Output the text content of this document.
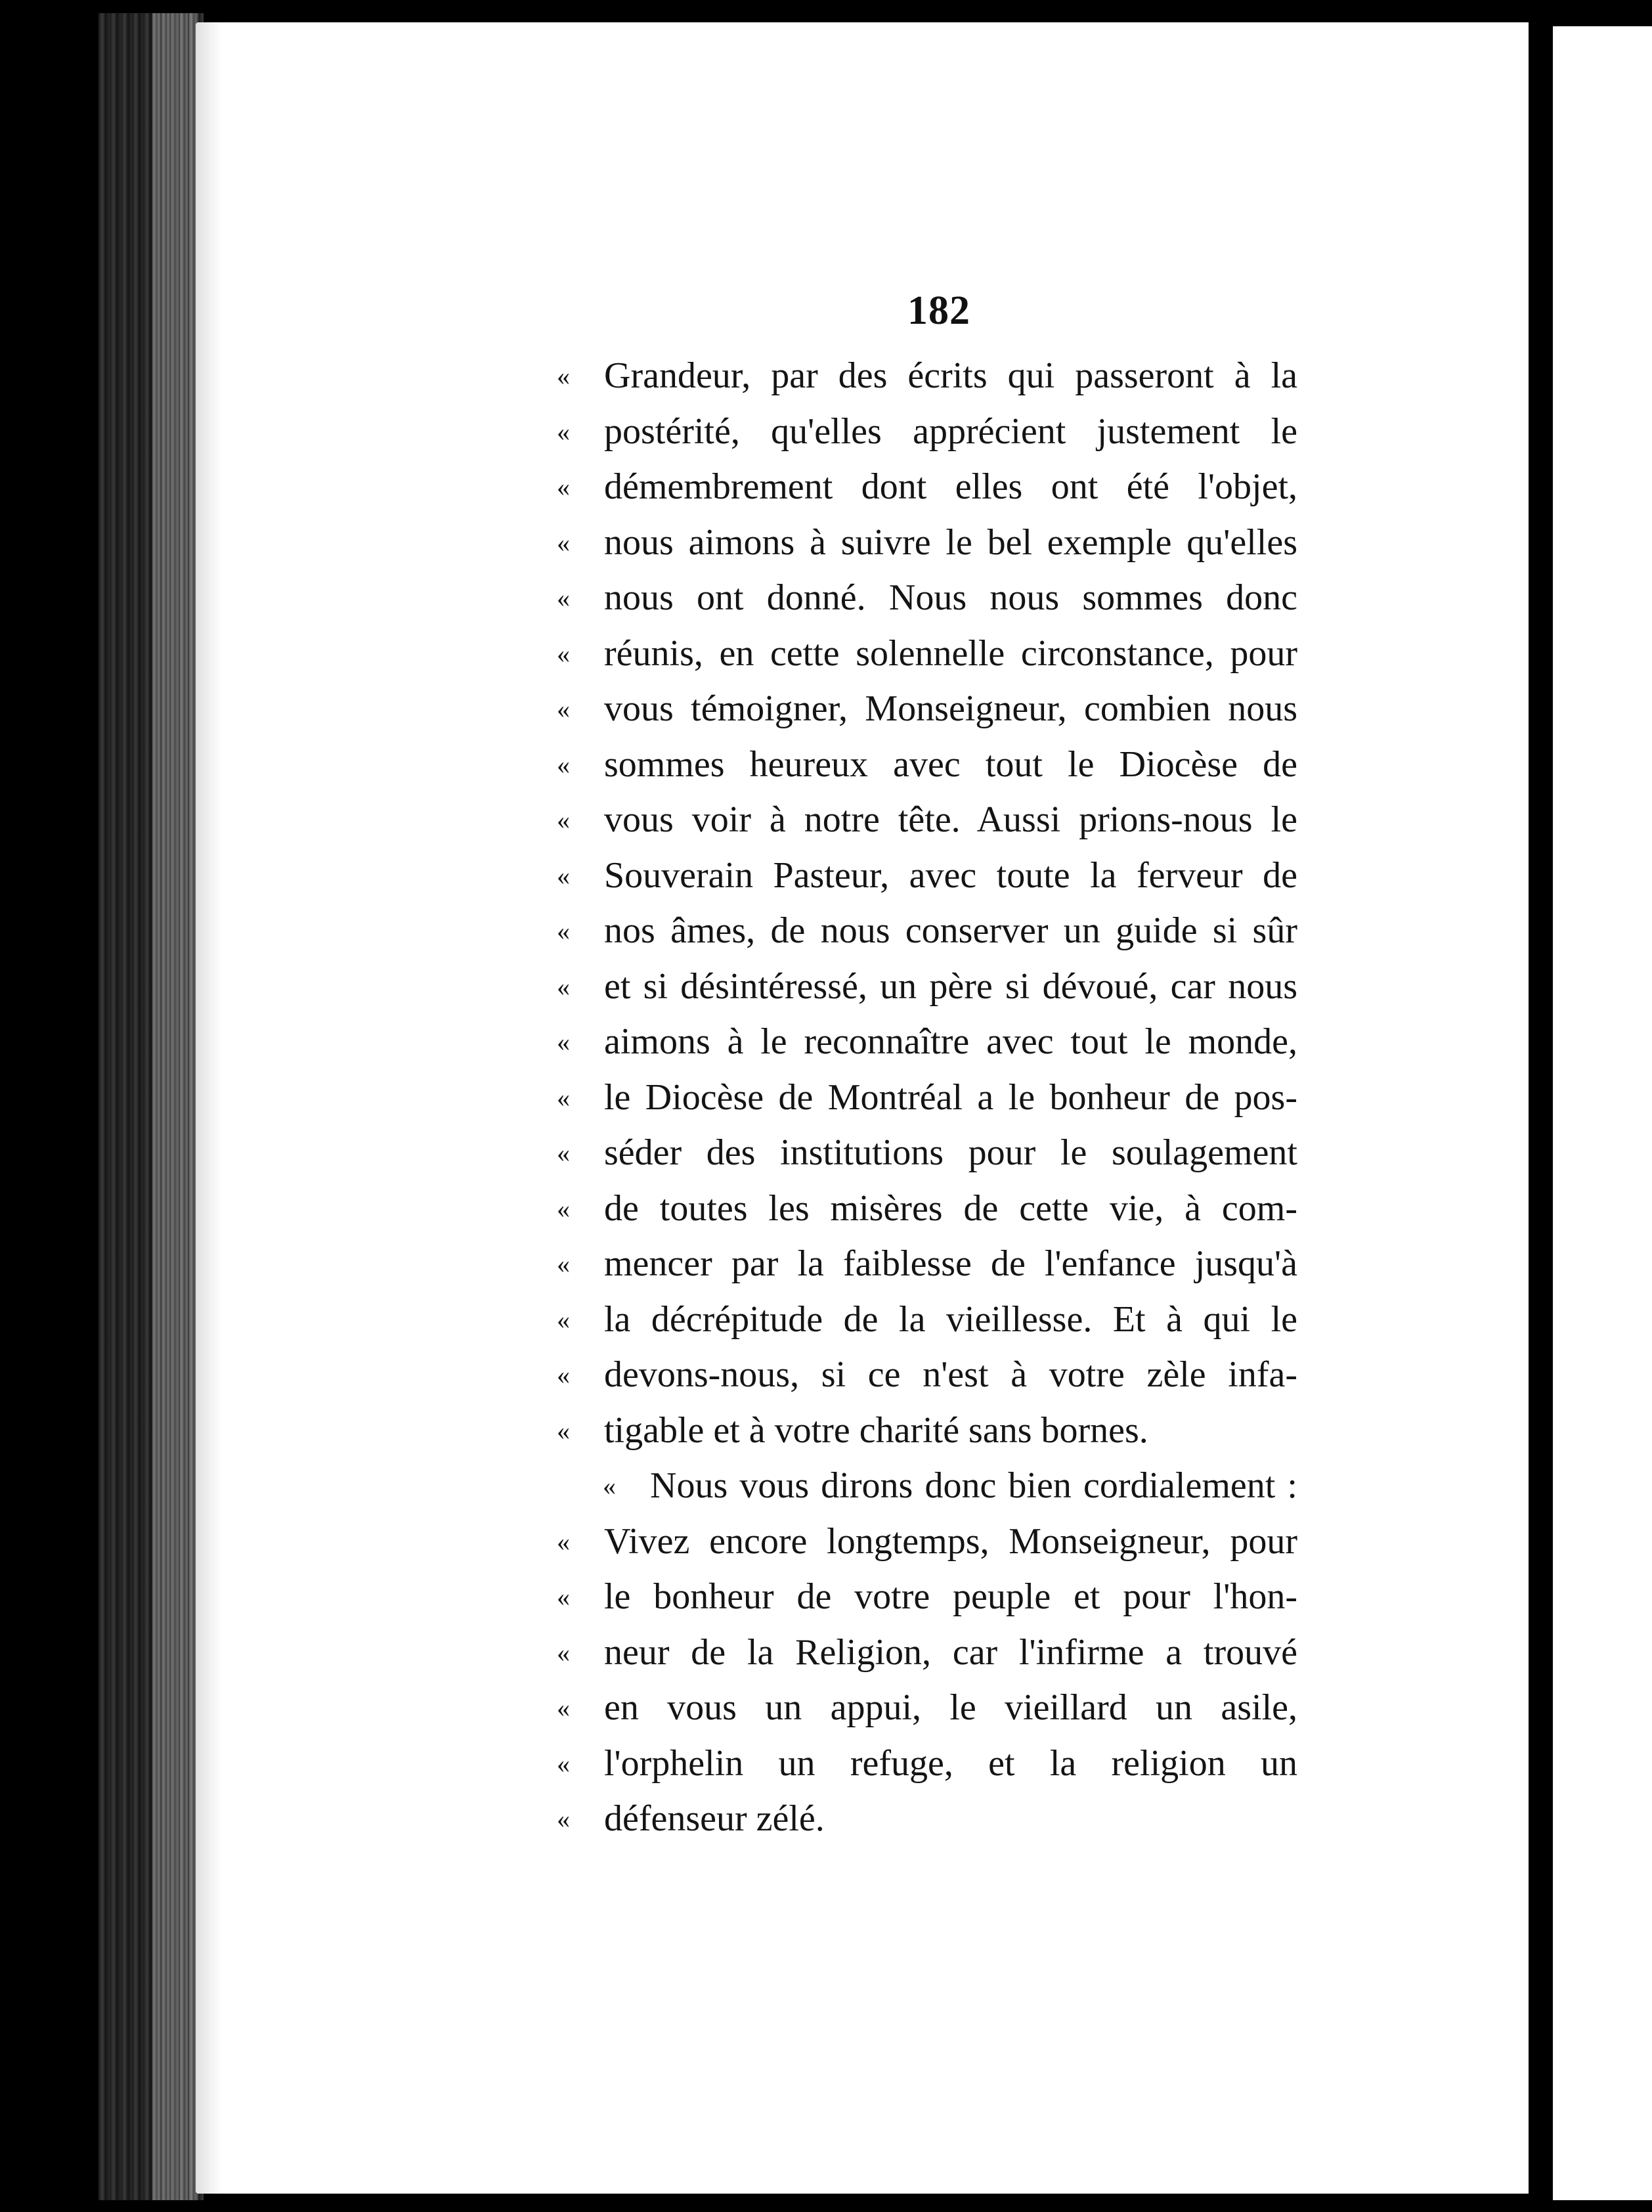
182
« Grandeur, par des écrits qui passeront à la
« postérité, qu'elles apprécient justement le
« démembrement dont elles ont été l'objet,
« nous aimons à suivre le bel exemple qu'elles
« nous ont donné. Nous nous sommes donc
« réunis, en cette solennelle circonstance, pour
« vous témoigner, Monseigneur, combien nous
« sommes heureux avec tout le Diocèse de
« vous voir à notre tête. Aussi prions-nous le
« Souverain Pasteur, avec toute la ferveur de
« nos âmes, de nous conserver un guide si sûr
« et si désintéressé, un père si dévoué, car nous
« aimons à le reconnaître avec tout le monde,
« le Diocèse de Montréal a le bonheur de pos-
« séder des institutions pour le soulagement
« de toutes les misères de cette vie, à com-
« mencer par la faiblesse de l'enfance jusqu'à
« la décrépitude de la vieillesse. Et à qui le
« devons-nous, si ce n'est à votre zèle infa-
« tigable et à votre charité sans bornes.
« Nous vous dirons donc bien cordialement :
« Vivez encore longtemps, Monseigneur, pour
« le bonheur de votre peuple et pour l'hon-
« neur de la Religion, car l'infirme a trouvé
« en vous un appui, le vieillard un asile,
« l'orphelin un refuge, et la religion un
« défenseur zélé.
